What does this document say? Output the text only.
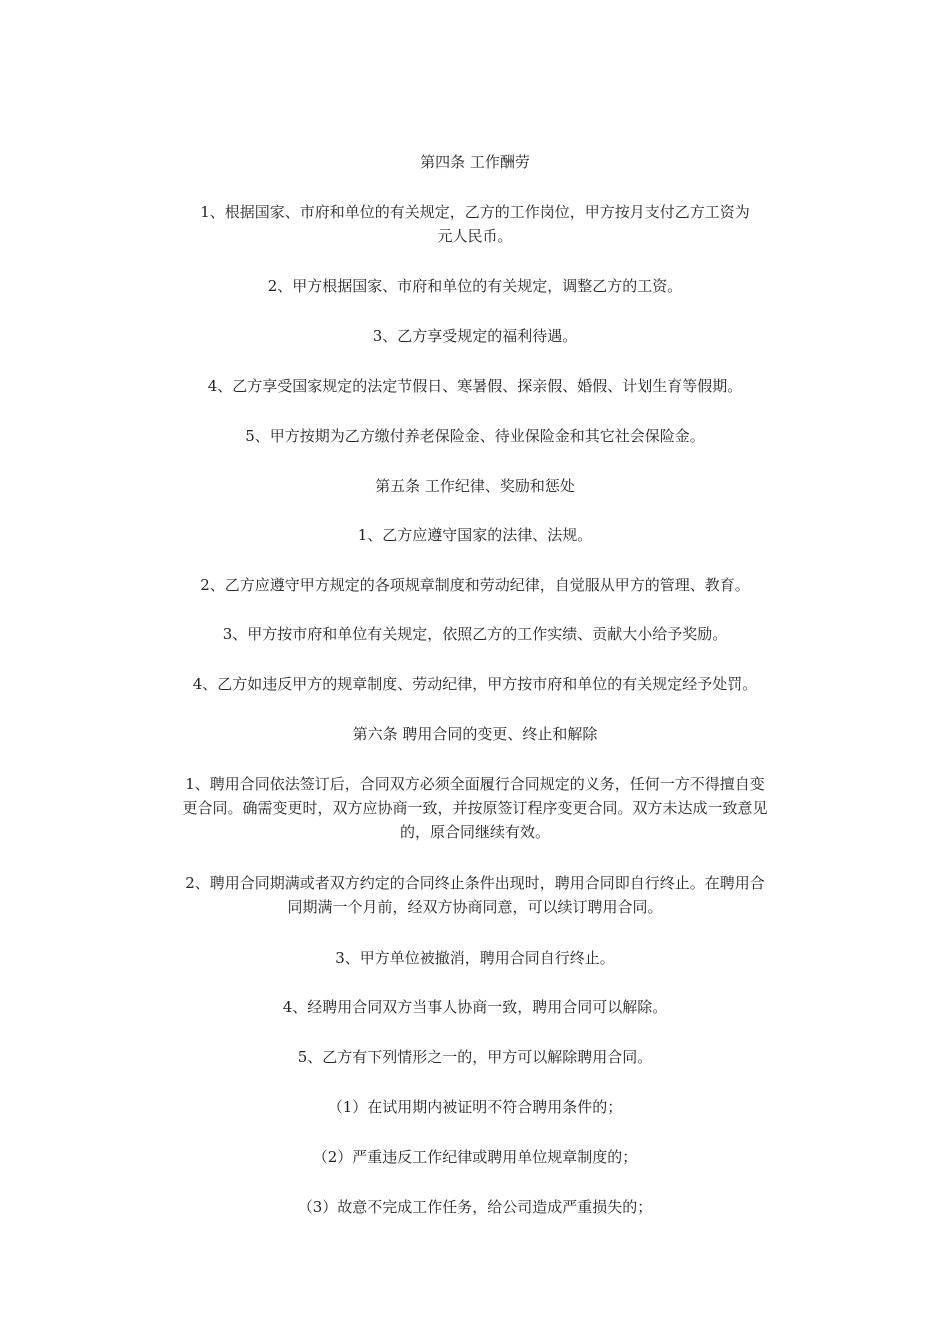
第四条 工作酬劳
1、根据国家、市府和单位的有关规定，乙方的工作岗位，甲方按月支付乙方工资为
元人民币。
2、甲方根据国家、市府和单位的有关规定，调整乙方的工资。
3、乙方享受规定的福利待遇。
4、乙方享受国家规定的法定节假日、寒暑假、探亲假、婚假、计划生育等假期。
5、甲方按期为乙方缴付养老保险金、待业保险金和其它社会保险金。
第五条 工作纪律、奖励和惩处
1、乙方应遵守国家的法律、法规。
2、乙方应遵守甲方规定的各项规章制度和劳动纪律，自觉服从甲方的管理、教育。
3、甲方按市府和单位有关规定，依照乙方的工作实绩、贡献大小给予奖励。
4、乙方如违反甲方的规章制度、劳动纪律，甲方按市府和单位的有关规定经予处罚。
第六条 聘用合同的变更、终止和解除
1、聘用合同依法签订后，合同双方必须全面履行合同规定的义务，任何一方不得擅自变
更合同。确需变更时，双方应协商一致，并按原签订程序变更合同。双方未达成一致意见
的，原合同继续有效。
2、聘用合同期满或者双方约定的合同终止条件出现时，聘用合同即自行终止。在聘用合
同期满一个月前，经双方协商同意，可以续订聘用合同。
3、甲方单位被撤消，聘用合同自行终止。
4、经聘用合同双方当事人协商一致，聘用合同可以解除。
5、乙方有下列情形之一的，甲方可以解除聘用合同。
（1）在试用期内被证明不符合聘用条件的；
（2）严重违反工作纪律或聘用单位规章制度的；
（3）故意不完成工作任务，给公司造成严重损失的；
